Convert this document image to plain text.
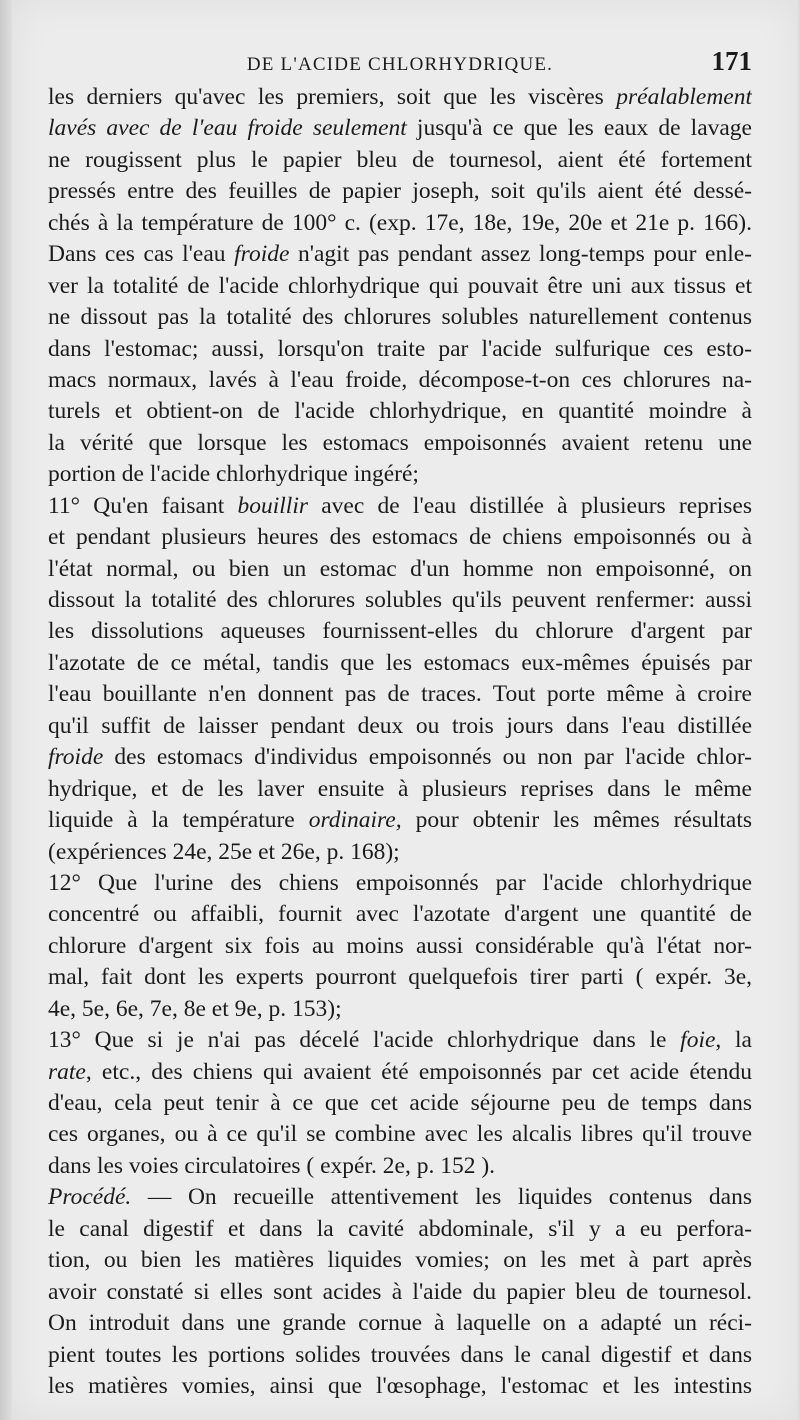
DE L'ACIDE CHLORHYDRIQUE.	171
les derniers qu'avec les premiers, soit que les viscères préalablement
lavés avec de l'eau froide seulement jusqu'à ce que les eaux de lavage
ne rougissent plus le papier bleu de tournesol, aient été fortement
pressés entre des feuilles de papier joseph, soit qu'ils aient été dessé-
chés à la température de 100° c. (exp. 17e, 18e, 19e, 20e et 21e p. 166).
Dans ces cas l'eau froide n'agit pas pendant assez long-temps pour enle-
ver la totalité de l'acide chlorhydrique qui pouvait être uni aux tissus et
ne dissout pas la totalité des chlorures solubles naturellement contenus
dans l'estomac; aussi, lorsqu'on traite par l'acide sulfurique ces esto-
macs normaux, lavés à l'eau froide, décompose-t-on ces chlorures na-
turels et obtient-on de l'acide chlorhydrique, en quantité moindre à
la vérité que lorsque les estomacs empoisonnés avaient retenu une
portion de l'acide chlorhydrique ingéré;
11° Qu'en faisant bouillir avec de l'eau distillée à plusieurs reprises
et pendant plusieurs heures des estomacs de chiens empoisonnés ou à
l'état normal, ou bien un estomac d'un homme non empoisonné, on
dissout la totalité des chlorures solubles qu'ils peuvent renfermer: aussi
les dissolutions aqueuses fournissent-elles du chlorure d'argent par
l'azotate de ce métal, tandis que les estomacs eux-mêmes épuisés par
l'eau bouillante n'en donnent pas de traces. Tout porte même à croire
qu'il suffit de laisser pendant deux ou trois jours dans l'eau distillée
froide des estomacs d'individus empoisonnés ou non par l'acide chlor-
hydrique, et de les laver ensuite à plusieurs reprises dans le même
liquide à la température ordinaire, pour obtenir les mêmes résultats
(expériences 24e, 25e et 26e, p. 168);
12° Que l'urine des chiens empoisonnés par l'acide chlorhydrique
concentré ou affaibli, fournit avec l'azotate d'argent une quantité de
chlorure d'argent six fois au moins aussi considérable qu'à l'état nor-
mal, fait dont les experts pourront quelquefois tirer parti ( expér. 3e,
4e, 5e, 6e, 7e, 8e et 9e, p. 153);
13° Que si je n'ai pas décelé l'acide chlorhydrique dans le foie, la
rate, etc., des chiens qui avaient été empoisonnés par cet acide étendu
d'eau, cela peut tenir à ce que cet acide séjourne peu de temps dans
ces organes, ou à ce qu'il se combine avec les alcalis libres qu'il trouve
dans les voies circulatoires ( expér. 2e, p. 152 ).
Procédé. — On recueille attentivement les liquides contenus dans
le canal digestif et dans la cavité abdominale, s'il y a eu perfora-
tion, ou bien les matières liquides vomies; on les met à part après
avoir constaté si elles sont acides à l'aide du papier bleu de tournesol.
On introduit dans une grande cornue à laquelle on a adapté un réci-
pient toutes les portions solides trouvées dans le canal digestif et dans
les matières vomies, ainsi que l'œsophage, l'estomac et les intestins
